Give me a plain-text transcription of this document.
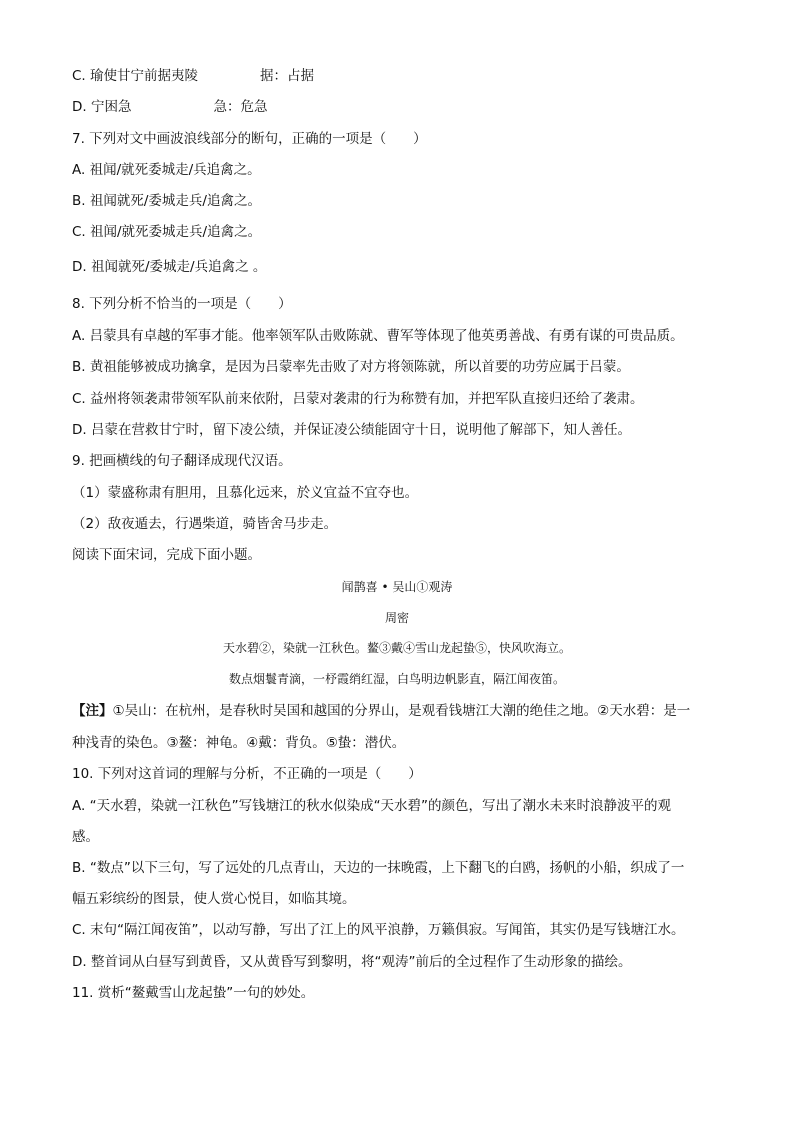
C. 瑜使甘宁前据夷陵	据：占据
D. 宁困急	急：危急
7. 下列对文中画波浪线部分的断句，正确的一项是（　　）
A. 祖闻/就死委城走/兵追禽之。
B. 祖闻就死/委城走兵/追禽之。
C. 祖闻/就死委城走兵/追禽之。
D. 祖闻就死/委城走/兵追禽之 。
8. 下列分析不恰当的一项是（　　）
A. 吕蒙具有卓越的军事才能。他率领军队击败陈就、曹军等体现了他英勇善战、有勇有谋的可贵品质。
B. 黄祖能够被成功擒拿，是因为吕蒙率先击败了对方将领陈就，所以首要的功劳应属于吕蒙。
C. 益州将领袭肃带领军队前来依附，吕蒙对袭肃的行为称赞有加，并把军队直接归还给了袭肃。
D. 吕蒙在营救甘宁时，留下凌公绩，并保证凌公绩能固守十日，说明他了解部下，知人善任。
9. 把画横线的句子翻译成现代汉语。
（1）蒙盛称肃有胆用，且慕化远来，於义宜益不宜夺也。
（2）敌夜遁去，行遇柴道，骑皆舍马步走。
阅读下面宋词，完成下面小题。
闻鹊喜 • 吴山①观涛
周密
天水碧②，染就一江秋色。鳌③戴④雪山龙起蛰⑤，快风吹海立。
数点烟鬟青滴，一杼霞绡红湿，白鸟明边帆影直，隔江闻夜笛。
【注】①吴山：在杭州，是春秋时吴国和越国的分界山，是观看钱塘江大潮的绝佳之地。②天水碧：是一
种浅青的染色。③鳌：神龟。④戴：背负。⑤蛰：潜伏。
10. 下列对这首词的理解与分析，不正确的一项是（　　）
A. “天水碧，染就一江秋色”写钱塘江的秋水似染成“天水碧”的颜色，写出了潮水未来时浪静波平的观
感。
B. “数点”以下三句，写了远处的几点青山，天边的一抹晚霞，上下翻飞的白鸥，扬帆的小船，织成了一
幅五彩缤纷的图景，使人赏心悦目，如临其境。
C. 末句“隔江闻夜笛”，以动写静，写出了江上的风平浪静，万籁俱寂。写闻笛，其实仍是写钱塘江水。
D. 整首词从白昼写到黄昏，又从黄昏写到黎明，将“观涛”前后的全过程作了生动形象的描绘。
11. 赏析“鳌戴雪山龙起蛰”一句的妙处。
